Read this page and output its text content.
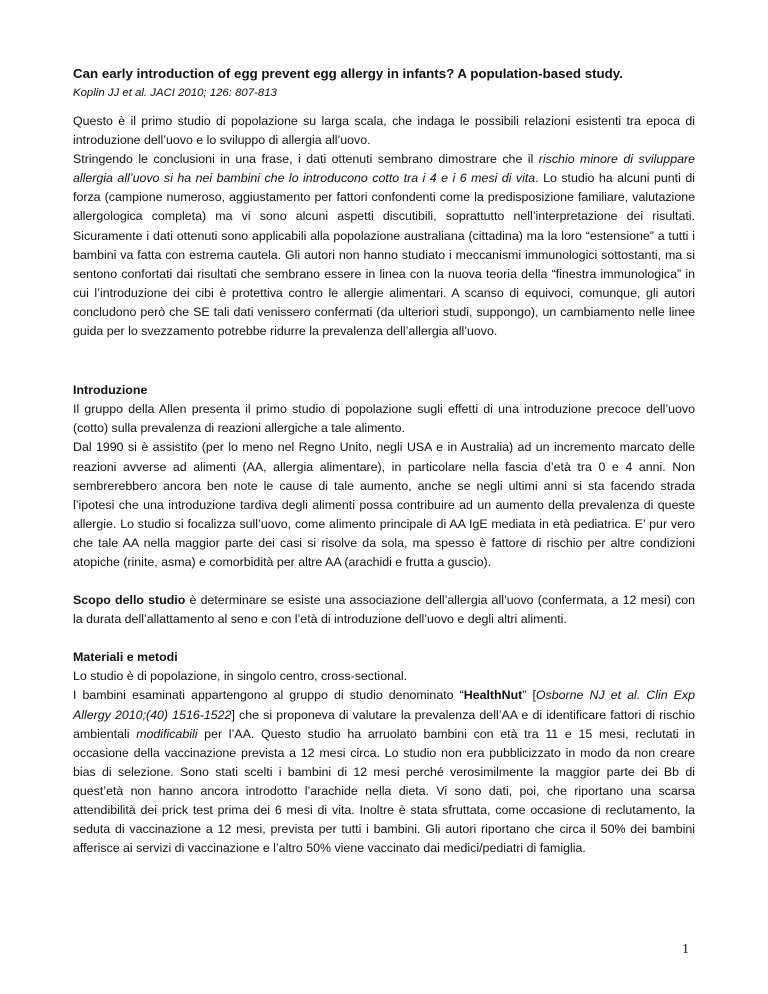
Can early introduction of egg prevent egg allergy in infants? A population-based study.

Koplin JJ et al. JACI 2010; 126: 807-813

Questo è il primo studio di popolazione su larga scala, che indaga le possibili relazioni esistenti tra epoca di introduzione dell’uovo e lo sviluppo di allergia all’uovo.
Stringendo le conclusioni in una frase, i dati ottenuti sembrano dimostrare che il rischio minore di sviluppare allergia all’uovo si ha nei bambini che lo introducono cotto tra i 4 e i 6 mesi di vita. Lo studio ha alcuni punti di forza (campione numeroso, aggiustamento per fattori confondenti come la predisposizione familiare, valutazione allergologica completa) ma vi sono alcuni aspetti discutibili, soprattutto nell’interpretazione dei risultati. Sicuramente i dati ottenuti sono applicabili alla popolazione australiana (cittadina) ma la loro “estensione” a tutti i bambini va fatta con estrema cautela. Gli autori non hanno studiato i meccanismi immunologici sottostanti, ma si sentono confortati dai risultati che sembrano essere in linea con la nuova teoria della “finestra immunologica” in cui l’introduzione dei cibi è protettiva contro le allergie alimentari. A scanso di equivoci, comunque, gli autori concludono però che SE tali dati venissero confermati (da ulteriori studi, suppongo), un cambiamento nelle linee guida per lo svezzamento potrebbe ridurre la prevalenza dell’allergia all’uovo.

Introduzione

Il gruppo della Allen presenta il primo studio di popolazione sugli effetti di una introduzione precoce dell’uovo (cotto) sulla prevalenza di reazioni allergiche a tale alimento.

Dal 1990 si è assistito (per lo meno nel Regno Unito, negli USA e in Australia) ad un incremento marcato delle reazioni avverse ad alimenti (AA, allergia alimentare), in particolare nella fascia d’età tra 0 e 4 anni. Non sembrerebbero ancora ben note le cause di tale aumento, anche se negli ultimi anni si sta facendo strada l’ipotesi che una introduzione tardiva degli alimenti possa contribuire ad un aumento della prevalenza di queste allergie. Lo studio si focalizza sull’uovo, come alimento principale di AA IgE mediata in età pediatrica. E’ pur vero che tale AA nella maggior parte dei casi si risolve da sola, ma spesso è fattore di rischio per altre condizioni atopiche (rinite, asma) e comorbidità per altre AA (arachidi e frutta a guscio).

Scopo dello studio è determinare se esiste una associazione dell’allergia all’uovo (confermata, a 12 mesi) con la durata dell’allattamento al seno e con l’età di introduzione dell’uovo e degli altri alimenti.

Materiali e metodi

Lo studio è di popolazione, in singolo centro, cross-sectional.

I bambini esaminati appartengono al gruppo di studio denominato “HealthNut” [Osborne NJ et al. Clin Exp Allergy 2010;(40) 1516-1522] che si proponeva di valutare la prevalenza dell’AA e di identificare fattori di rischio ambientali modificabili per l’AA. Questo studio ha arruolato bambini con età tra 11 e 15 mesi, reclutati in occasione della vaccinazione prevista a 12 mesi circa. Lo studio non era pubblicizzato in modo da non creare bias di selezione. Sono stati scelti i bambini di 12 mesi perché verosimilmente la maggior parte dei Bb di quest’età non hanno ancora introdotto l’arachide nella dieta. Vi sono dati, poi, che riportano una scarsa attendibilità dei prick test prima dei 6 mesi di vita. Inoltre è stata sfruttata, come occasione di reclutamento, la seduta di vaccinazione a 12 mesi, prevista per tutti i bambini. Gli autori riportano che circa il 50% dei bambini afferisce ai servizi di vaccinazione e l’altro 50% viene vaccinato dai medici/pediatri di famiglia.

1
